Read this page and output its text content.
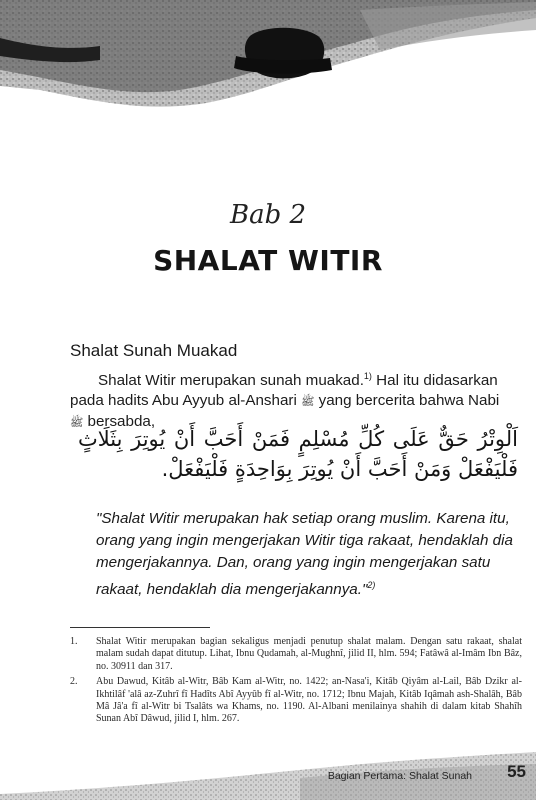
Bab 2
SHALAT WITIR
Shalat Sunah Muakad

Shalat Witir merupakan sunah muakad.$^{1)}$ Hal itu didasarkan pada hadits Abu Ayyub al-Anshari ﷺ yang bercerita bahwa Nabi ﷺ bersabda,

اَلْوِتْرُ حَقٌّ عَلَى كُلِّ مُسْلِمٍ فَمَنْ أَحَبَّ أَنْ يُوتِرَ بِثَلَاثٍ فَلْيَفْعَلْ وَمَنْ أَحَبَّ أَنْ يُوتِرَ بِوَاحِدَةٍ فَلْيَفْعَلْ.

"Shalat Witir merupakan hak setiap orang muslim. Karena itu, orang yang ingin mengerjakan Witir tiga rakaat, hendaklah dia mengerjakannya. Dan, orang yang ingin mengerjakan satu rakaat, hendaklah dia mengerjakannya."$^{2)}$

1.	Shalat Witir merupakan bagian sekaligus menjadi penutup shalat malam. Dengan satu rakaat, shalat malam sudah dapat ditutup. Lihat, Ibnu Qudamah, al-Mughnî, jilid II, hlm. 594; Fatâwâ al-Imâm Ibn Bâz, no. 30911 dan 317.
2.	Abu Dawud, Kitâb al-Witr, Bâb Kam al-Witr, no. 1422; an-Nasa'i, Kitâb Qiyâm al-Lail, Bâb Dzikr al-Ikhtilâf 'alâ az-Zuhrî fî Hadîts Abî Ayyûb fî al-Witr, no. 1712; Ibnu Majah, Kitâb Iqâmah ash-Shalâh, Bâb Mâ Jâ'a fî al-Witr bi Tsalâts wa Khams, no. 1190. Al-Albani menilainya shahih di dalam kitab Shahîh Sunan Abî Dâwud, jilid I, hlm. 267.
Bagian Pertama: Shalat Sunah 55
